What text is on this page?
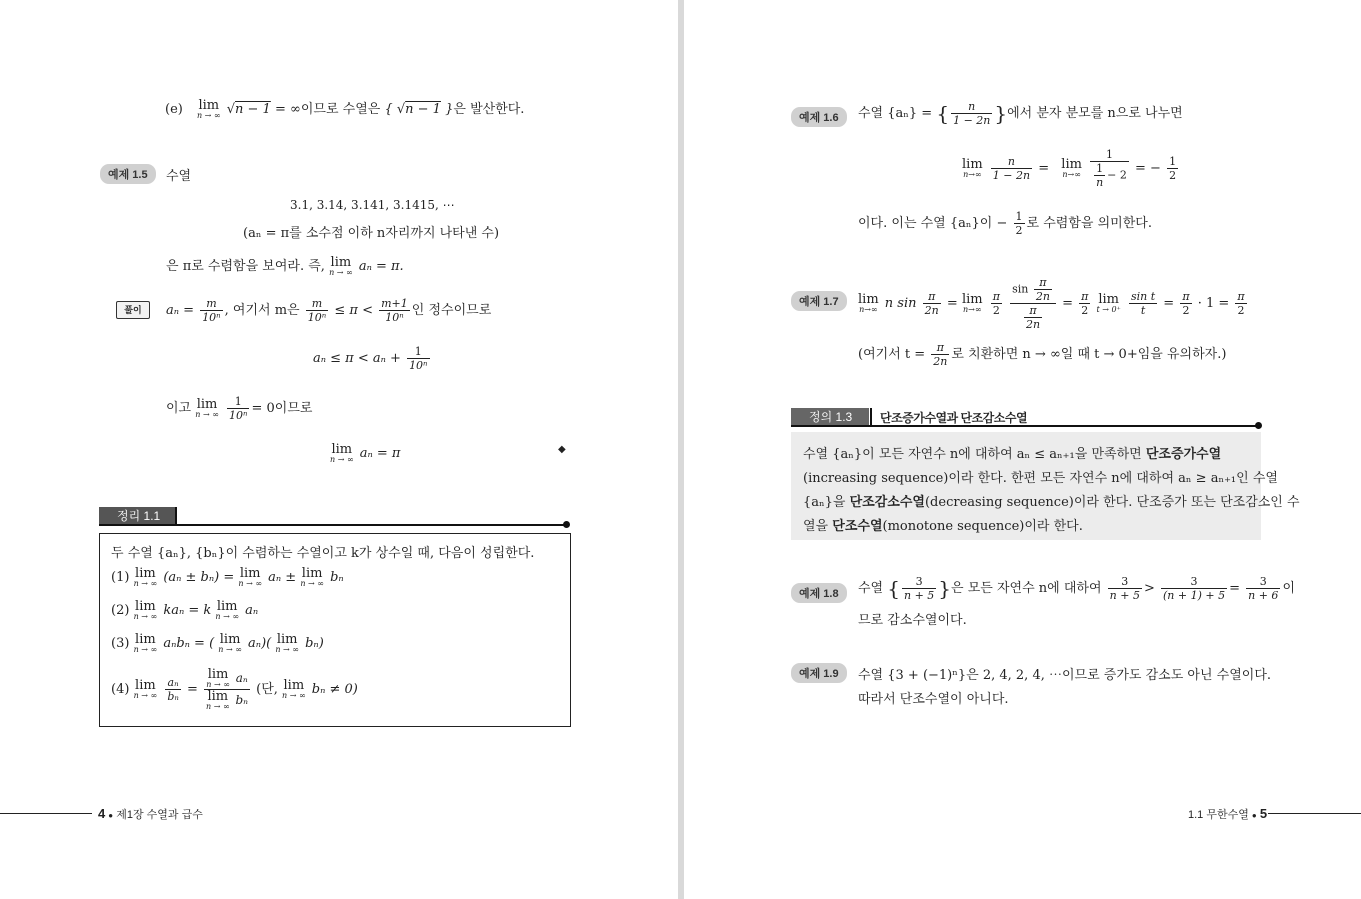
(e) lim
n → ∞ √n − 1 = ∞이므로 수열은 { √n − 1 }은 발산한다.
예제 1.5	수열
3.1, 3.14, 3.141, 3.1415, ⋯
(aₙ = π를 소수점 이하 n자리까지 나타낸 수)
은 π로 수렴함을 보여라. 즉, lim
n → ∞ aₙ = π.
풀이	$a_n = \frac{m}{\text{10ⁿ}}$ , 여기서 m은 $\frac{m}{\text{10ⁿ}} \le \pi < \frac{m+1}{\text{10ⁿ}}$ 인 정수이므로
$a_n \le \pi < a_n + \frac{1}{\text{10ⁿ}}$
이고 lim
n → ∞
$\frac{1}{\text{10ⁿ}} = 0$이므로
lim
n → ∞ aₙ = π	◆
정리 1.1
두 수열 {aₙ}, {bₙ}이 수렴하는 수열이고 k가 상수일 때, 다음이 성립한다.
(1) lim
n → ∞ (aₙ ± bₙ) = lim
n → ∞ aₙ ± lim
n → ∞ bₙ
(2) lim
n → ∞ kaₙ = k lim
n → ∞ aₙ
(3) lim
n → ∞ aₙbₙ = ( lim
n → ∞ aₙ)( lim
n → ∞ bₙ)
(4) lim
n → ∞
$\frac{\text{aₙ}}{\text{bₙ}} = \lim$
n → ∞ aₙ
lim
n → ∞ bₙ (단, lim
n → ∞ bₙ ≠ 0)
4 ● 제1장 수열과 급수
예제 1.6	수열 {aₙ} = { $\frac{n}{1 - 2n}$ }에서 분자 분모를 n으로 나누면
lim
n→∞
$\frac{n}{1 - 2n} = \lim$
n→∞
$\frac{1}{\frac{1}{n} - 2}$ = − $\frac{1}{2}$
이다. 이는 수열 {aₙ}이 − $\frac{1}{2}$ 로 수렴함을 의미한다.
예제 1.7	lim
n→∞ n $\sin \frac{\pi}{2n} = \lim$
n→∞
$\frac{\pi}{2}$
$\frac{\sin \frac{\pi}{2n}}{\frac{\pi}{2n}} = \frac{\pi}{2}$
lim
t → 0⁺
$\frac{\text{sin t}}{t} = \frac{\pi}{2} \cdot 1 = \frac{\pi}{2}$
(여기서 $t = \frac{\pi}{2n}$ 로 치환하면 n → ∞일 때 t → 0+임을 유의하자.)
정의 1.3	단조증가수열과 단조감소수열
수열 {aₙ}이 모든 자연수 n에 대하여 aₙ ≤ aₙ₊₁을 만족하면 단조증가수열
(increasing sequence)이라 한다. 한편 모든 자연수 n에 대하여 aₙ ≥ aₙ₊₁인 수열
{aₙ}을 단조감소수열(decreasing sequence)이라 한다. 단조증가 또는 단조감소인 수
열을 단조수열(monotone sequence)이라 한다.
예제 1.8	수열 { $\frac{3}{n + 5}$ }은 모든 자연수 n에 대하여 $\frac{3}{n + 5} > \frac{3}{(n + 1) + 5} = \frac{3}{n + 6}$ 이
므로 감소수열이다.
예제 1.9	수열 {3 + (−1)ⁿ}은 2, 4, 2, 4, ⋯이므로 증가도 감소도 아닌 수열이다.
따라서 단조수열이 아니다.
1.1 무한수열 ● 5
